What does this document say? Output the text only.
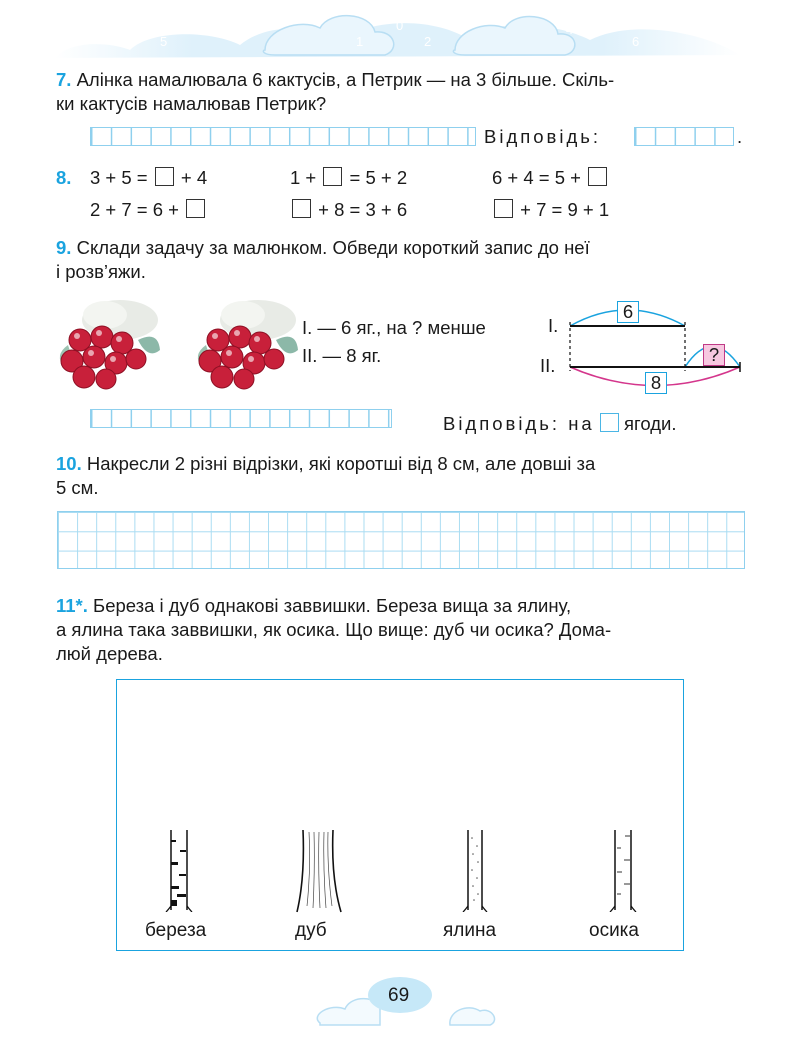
7
5
3
1
0
2
4
6
8
7. Алінка намалювала 6 кактусів, а Петрик — на 3 більше. Скіль-
ки кактусів намалював Петрик?
Відповідь:	.
8. 3 + 5 =  + 4	1 +  = 5 + 2	6 + 4 = 5 +
2 + 7 = 6 +	+ 8 = 3 + 6	+ 7 = 9 + 1
9. Склади задачу за малюнком. Обведи короткий запис до неї
і розв’яжи.
І. — 6 яг., на ? менше
ІІ. — 8 яг.
І.
ІІ.
6
?
8
Відповідь: на ягоди.
10. Накресли 2 різні відрізки, які коротші від 8 см, але довші за
5 см.
11*. Береза і дуб однакові заввишки. Береза вища за ялину,
а ялина така заввишки, як осика. Що вище: дуб чи осика? Дома-
люй дерева.
береза	дуб	ялина	осика
69
